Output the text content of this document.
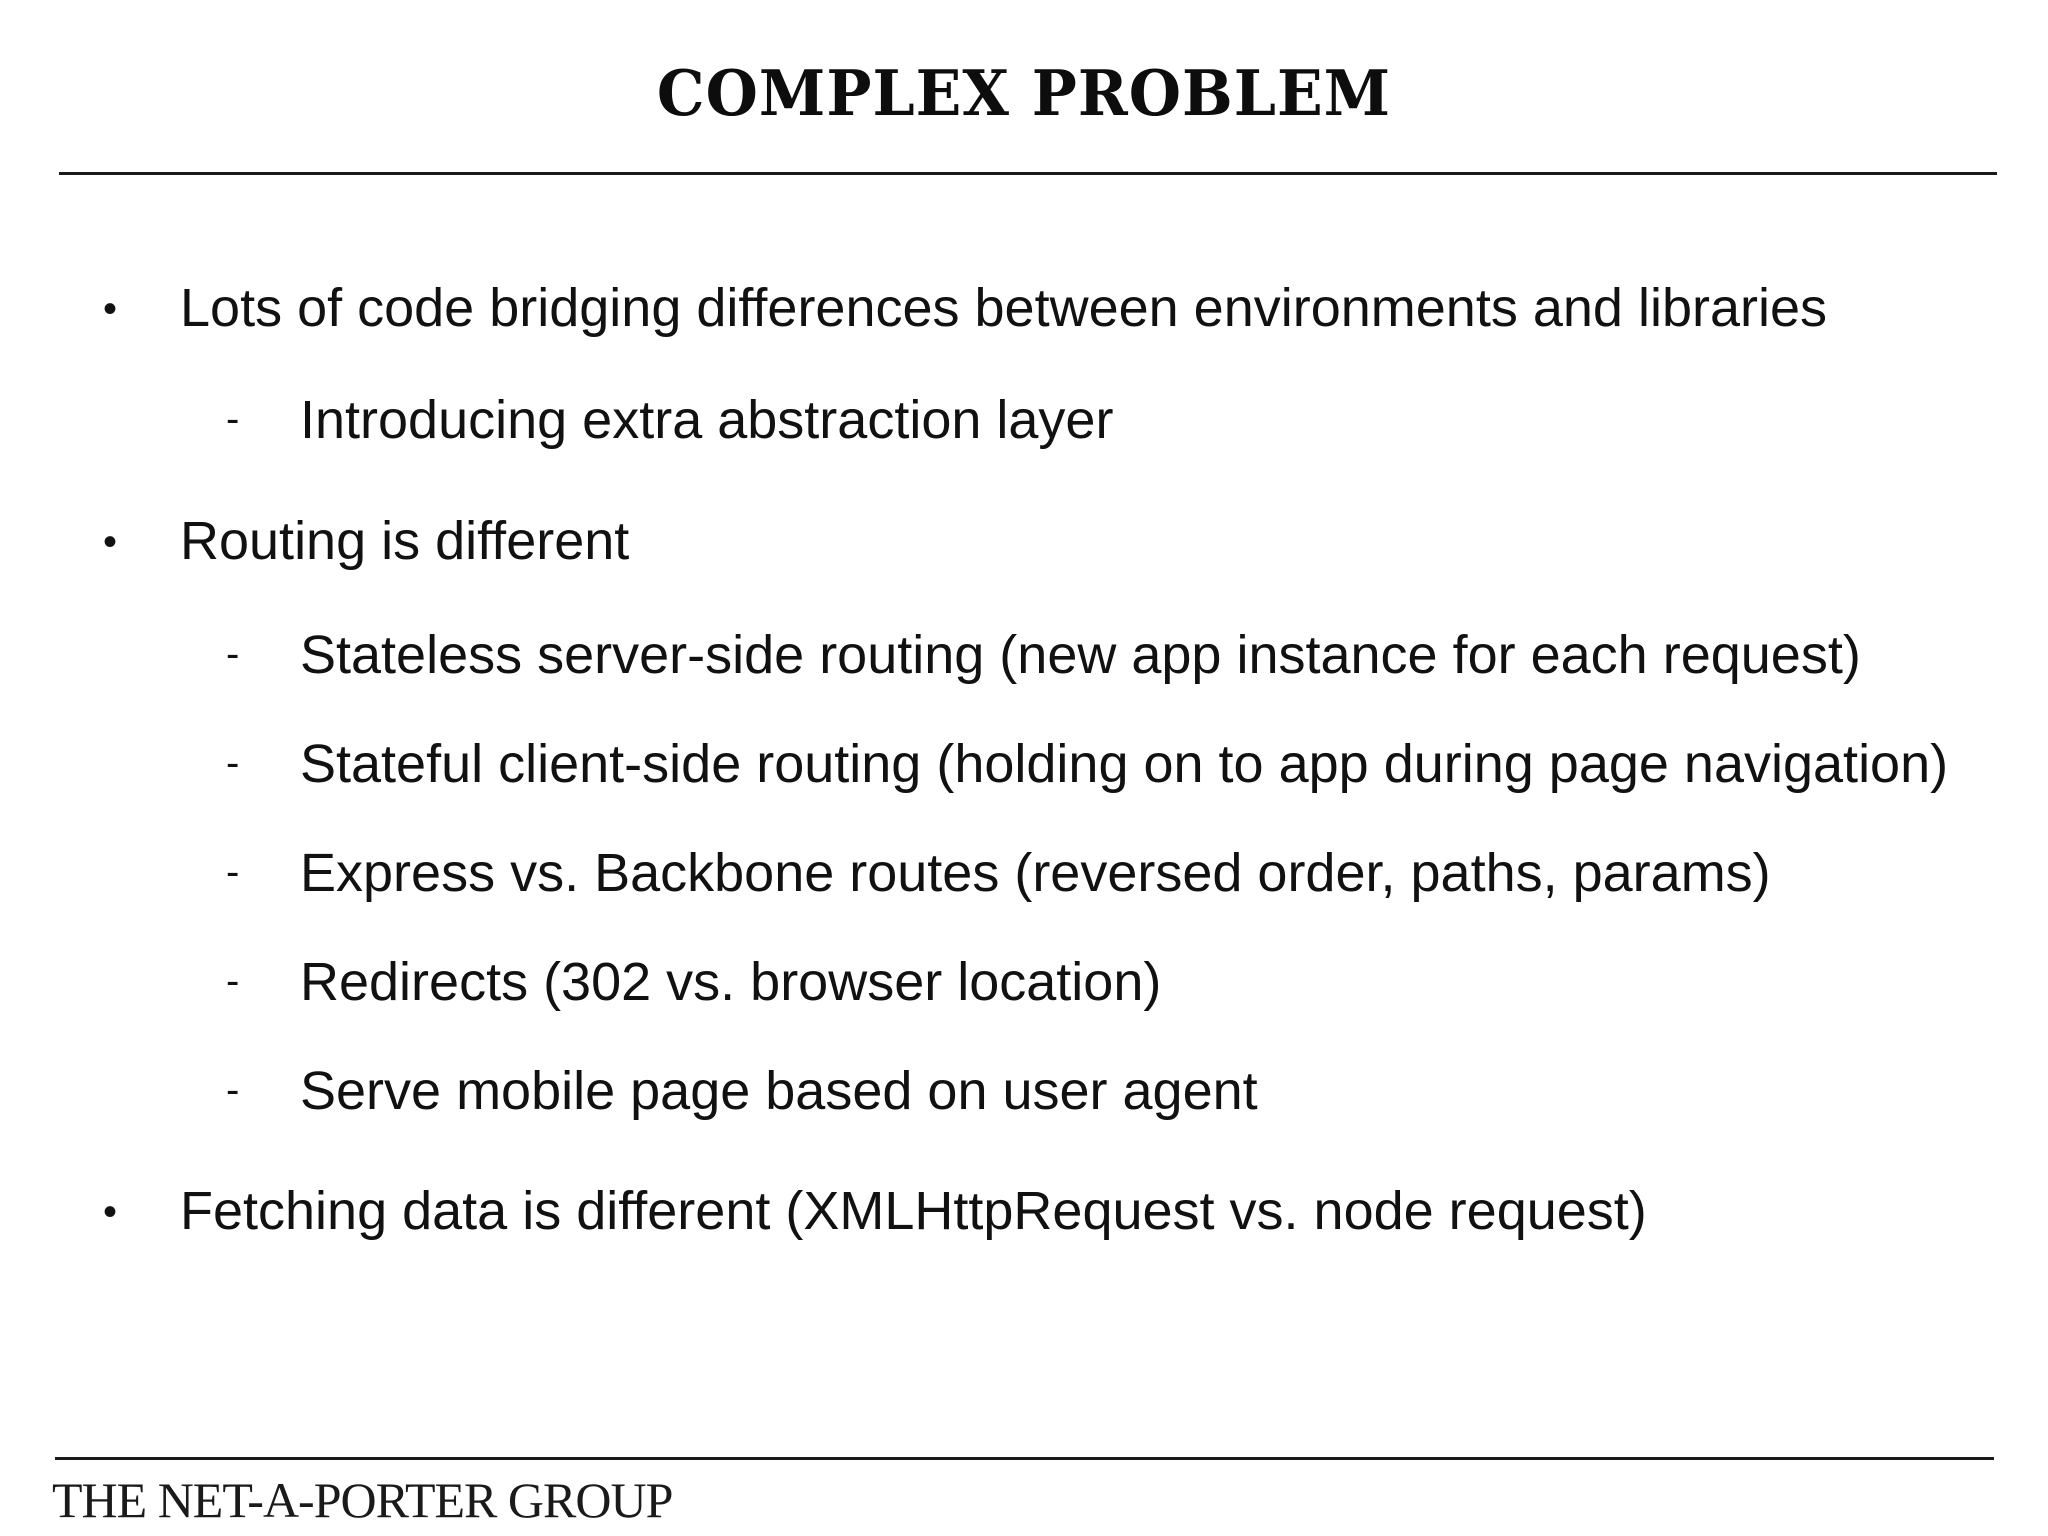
COMPLEX PROBLEM
• Lots of code bridging differences between environments and libraries
- Introducing extra abstraction layer
• Routing is different
- Stateless server-side routing (new app instance for each request)
- Stateful client-side routing (holding on to app during page navigation)
- Express vs. Backbone routes (reversed order, paths, params)
- Redirects (302 vs. browser location)
- Serve mobile page based on user agent
• Fetching data is different (XMLHttpRequest vs. node request)
THE NET-A-PORTER GROUP
